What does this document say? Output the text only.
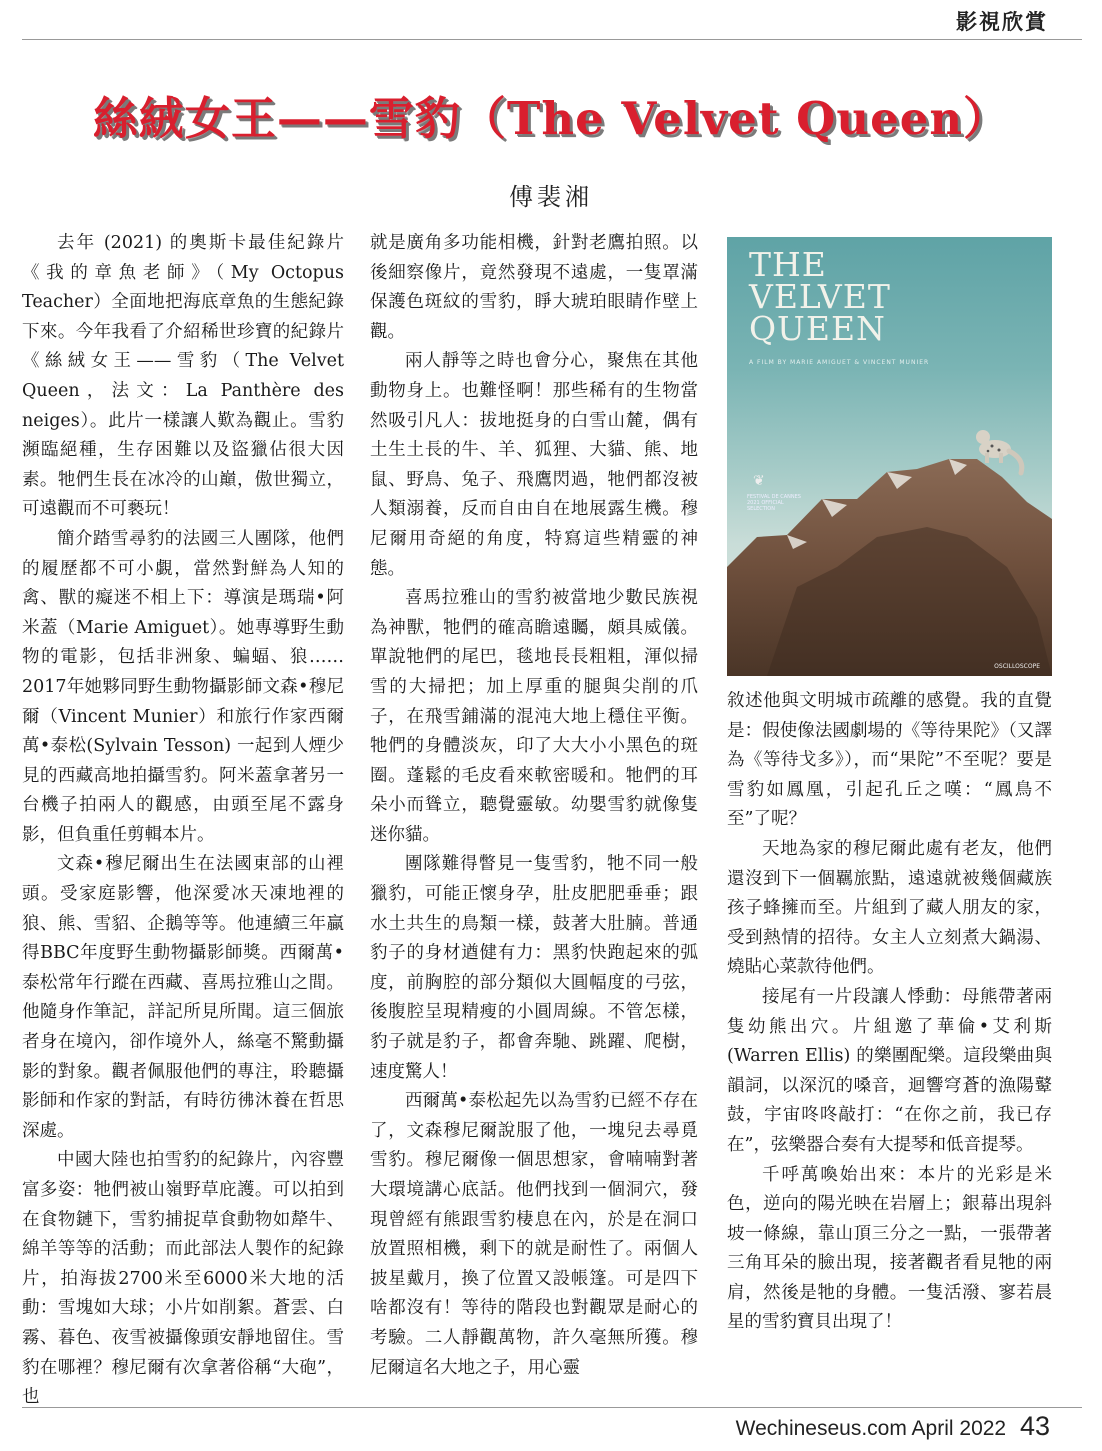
影視欣賞
絲絨女王——雪豹（The Velvet Queen）
傅裴湘

去年 (2021) 的奧斯卡最佳紀錄片《我的章魚老師》（My Octopus Teacher）全面地把海底章魚的生態紀錄下來。今年我看了介紹稀世珍寶的紀錄片《絲絨女王——雪豹（The Velvet Queen，法文：La Panthère des neiges）。此片一樣讓人歎為觀止。雪豹瀕臨絕種，生存困難以及盜獵佔很大因素。牠們生長在冰冷的山巔，傲世獨立，可遠觀而不可褻玩！

簡介踏雪尋豹的法國三人團隊，他們的履歷都不可小覷，當然對鮮為人知的禽、獸的癡迷不相上下：導演是瑪瑞•阿米蓋（Marie Amiguet）。她專導野生動物的電影，包括非洲象、蝙蝠、狼……2017年她夥同野生動物攝影師文森•穆尼爾（Vincent Munier）和旅行作家西爾萬•泰松(Sylvain Tesson) 一起到人煙少見的西藏高地拍攝雪豹。阿米蓋拿著另一台機子拍兩人的觀感，由頭至尾不露身影，但負重任剪輯本片。

文森•穆尼爾出生在法國東部的山裡頭。受家庭影響，他深愛冰天凍地裡的狼、熊、雪貂、企鵝等等。他連續三年贏得BBC年度野生動物攝影師獎。西爾萬•泰松常年行蹤在西藏、喜馬拉雅山之間。他隨身作筆記，詳記所見所聞。這三個旅者身在境內，卻作境外人，絲毫不驚動攝影的對象。觀者佩服他們的專注，聆聽攝影師和作家的對話，有時彷彿沐養在哲思深處。

中國大陸也拍雪豹的紀錄片，內容豐富多姿：牠們被山嶺野草庇護。可以拍到在食物鏈下，雪豹捕捉草食動物如犛牛、綿羊等等的活動；而此部法人製作的紀錄片，拍海拔2700米至6000米大地的活動：雪塊如大球；小片如削絮。蒼雲、白霧、暮色、夜雪被攝像頭安靜地留住。雪豹在哪裡？穆尼爾有次拿著俗稱“大砲”，也

就是廣角多功能相機，針對老鷹拍照。以後細察像片，竟然發現不遠處，一隻罩滿保護色斑紋的雪豹，睜大琥珀眼睛作壁上觀。

兩人靜等之時也會分心，聚焦在其他動物身上。也難怪啊！那些稀有的生物當然吸引凡人：拔地挺身的白雪山麓，偶有土生土長的牛、羊、狐狸、大貓、熊、地鼠、野鳥、兔子、飛鷹閃過，牠們都沒被人類溺養，反而自由自在地展露生機。穆尼爾用奇絕的角度，特寫這些精靈的神態。

喜馬拉雅山的雪豹被當地少數民族視為神獸，牠們的確高瞻遠矚，頗具威儀。單說牠們的尾巴，毯地長長粗粗，渾似掃雪的大掃把；加上厚重的腿與尖削的爪子，在飛雪鋪滿的混沌大地上穩住平衡。牠們的身體淡灰，印了大大小小黑色的斑圈。蓬鬆的毛皮看來軟密暖和。牠們的耳朵小而聳立，聽覺靈敏。幼嬰雪豹就像隻迷你貓。

團隊難得瞥見一隻雪豹，牠不同一般獵豹，可能正懷身孕，肚皮肥肥垂垂；跟水土共生的鳥類一樣，鼓著大肚腩。普通豹子的身材遒健有力：黑豹快跑起來的弧度，前胸腔的部分類似大圓幅度的弓弦，後腹腔呈現精瘦的小圓周線。不管怎樣，豹子就是豹子，都會奔馳、跳躍、爬樹，速度驚人！

西爾萬•泰松起先以為雪豹已經不存在了，文森穆尼爾說服了他，一塊兒去尋覓雪豹。穆尼爾像一個思想家，會喃喃對著大環境講心底話。他們找到一個洞穴，發現曾經有熊跟雪豹棲息在內，於是在洞口放置照相機，剩下的就是耐性了。兩個人披星戴月，換了位置又設帳篷。可是四下啥都沒有！等待的階段也對觀眾是耐心的考驗。二人靜觀萬物，許久毫無所獲。穆尼爾這名大地之子，用心靈

THE
VELVET
QUEEN
A FILM BY MARIE AMIGUET & VINCENT MUNIER
❦
FESTIVAL DE CANNES 2021 OFFICIAL SELECTION
OSCILLOSCOPE

敘述他與文明城市疏離的感覺。我的直覺是：假使像法國劇場的《等待果陀》（又譯為《等待戈多》），而“果陀”不至呢？要是雪豹如鳳凰，引起孔丘之嘆：“鳳鳥不至”了呢？

天地為家的穆尼爾此處有老友，他們還沒到下一個羈旅點，遠遠就被幾個藏族孩子蜂擁而至。片組到了藏人朋友的家，受到熱情的招待。女主人立刻煮大鍋湯、燒貼心菜款待他們。

接尾有一片段讓人悸動：母熊帶著兩隻幼熊出穴。片組邀了華倫•艾利斯 (Warren Ellis) 的樂團配樂。這段樂曲與韻詞，以深沉的嗓音，迴響穹蒼的漁陽鼙鼓，宇宙咚咚敲打：“在你之前，我已存在”，弦樂器合奏有大提琴和低音提琴。

千呼萬喚始出來：本片的光彩是米色，逆向的陽光映在岩層上；銀幕出現斜坡一條線，靠山頂三分之一點，一張帶著三角耳朵的臉出現，接著觀者看見牠的兩肩，然後是牠的身體。一隻活潑、寥若晨星的雪豹寶貝出現了！

Wechineseus.com April 2022 43
